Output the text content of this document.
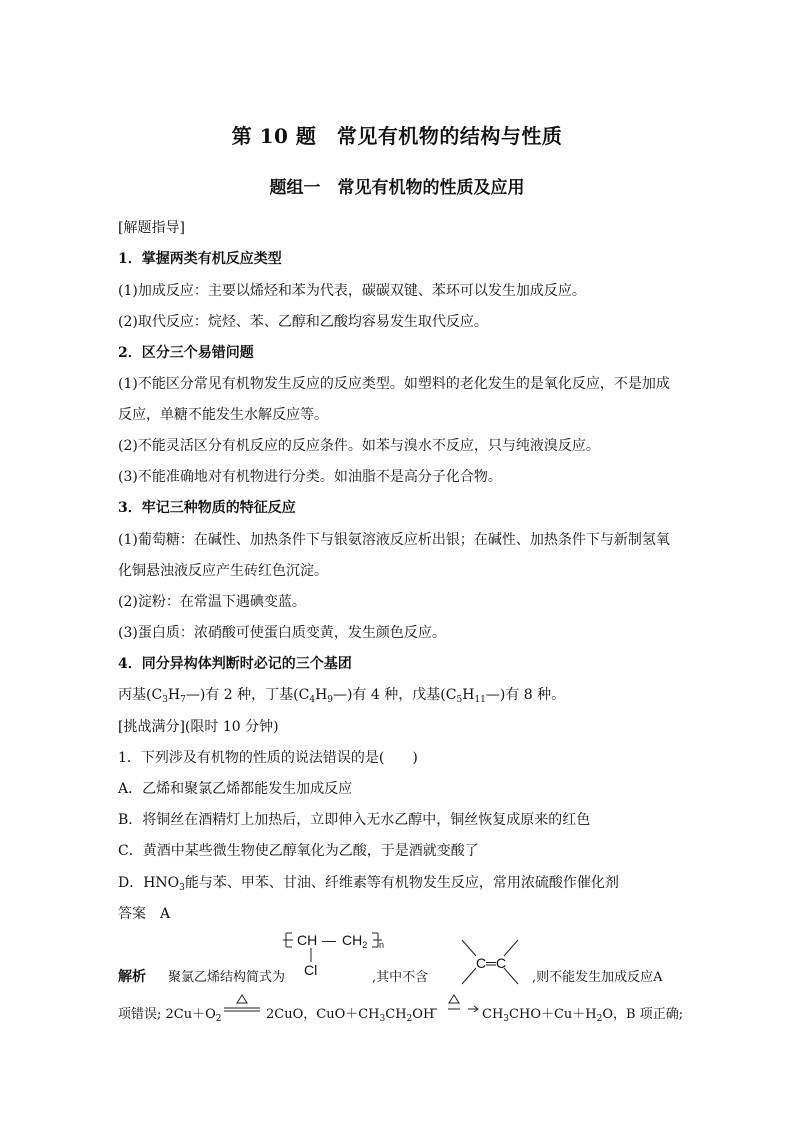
第 10 题　常见有机物的结构与性质
题组一　常见有机物的性质及应用
[解题指导]
1．掌握两类有机反应类型
(1)加成反应：主要以烯烃和苯为代表，碳碳双键、苯环可以发生加成反应。
(2)取代反应：烷烃、苯、乙醇和乙酸均容易发生取代反应。
2．区分三个易错问题
(1)不能区分常见有机物发生反应的反应类型。如塑料的老化发生的是氧化反应，不是加成
反应，单糖不能发生水解反应等。
(2)不能灵活区分有机反应的反应条件。如苯与溴水不反应，只与纯液溴反应。
(3)不能准确地对有机物进行分类。如油脂不是高分子化合物。
3．牢记三种物质的特征反应
(1)葡萄糖：在碱性、加热条件下与银氨溶液反应析出银；在碱性、加热条件下与新制氢氧
化铜悬浊液反应产生砖红色沉淀。
(2)淀粉：在常温下遇碘变蓝。
(3)蛋白质：浓硝酸可使蛋白质变黄，发生颜色反应。
4．同分异构体判断时必记的三个基团
丙基$(C_3H_7—)$有 2 种，丁基$(C_4H_9—)$有 4 种，戊基$(C_5H_{11}—)$有 8 种。
[挑战满分](限时 10 分钟)
1．下列涉及有机物的性质的说法错误的是(　　)
A．乙烯和聚氯乙烯都能发生加成反应
B．将铜丝在酒精灯上加热后，立即伸入无水乙醇中，铜丝恢复成原来的红色
C．黄酒中某些微生物使乙醇氧化为乙酸，于是酒就变酸了
D．$HNO_3$能与苯、甲苯、甘油、纤维素等有机物发生反应，常用浓硫酸作催化剂
答案　A
CH — $CH_2$ n
Cl
解析 聚氯乙烯结构简式为	,其中不含
C═C
,则不能发生加成反应A
项错误; $2Cu+O_2$	2CuO，$CuO+CH_3CH_2OH$	$CH_3CHO+Cu+H_2O$，B 项正确;
